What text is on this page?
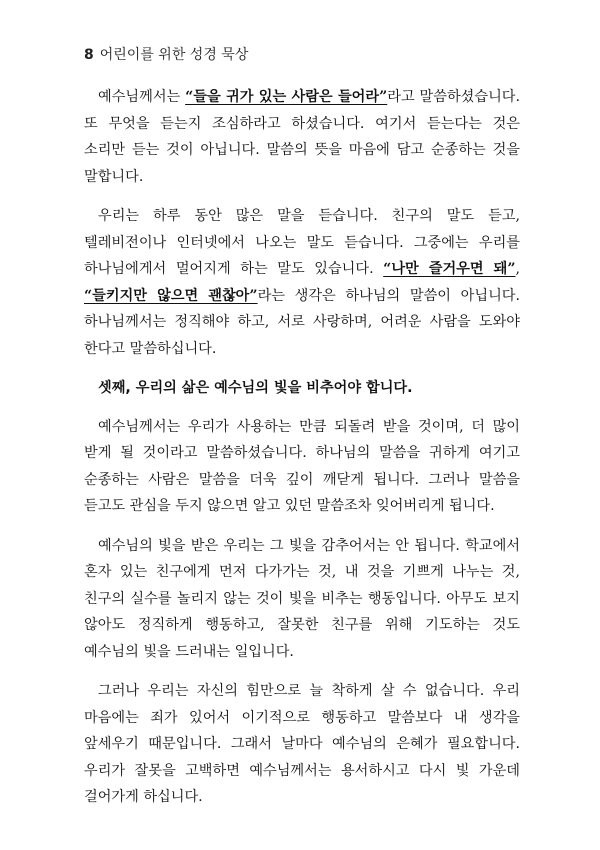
8 어린이를 위한 성경 묵상

예수님께서는 “들을 귀가 있는 사람은 들어라”라고 말씀하셨습니다. 또 무엇을 듣는지 조심하라고 하셨습니다. 여기서 듣는다는 것은 소리만 듣는 것이 아닙니다. 말씀의 뜻을 마음에 담고 순종하는 것을 말합니다.

우리는 하루 동안 많은 말을 듣습니다. 친구의 말도 듣고, 텔레비전이나 인터넷에서 나오는 말도 듣습니다. 그중에는 우리를 하나님에게서 멀어지게 하는 말도 있습니다. “나만 즐거우면 돼”, “들키지만 않으면 괜찮아”라는 생각은 하나님의 말씀이 아닙니다. 하나님께서는 정직해야 하고, 서로 사랑하며, 어려운 사람을 도와야 한다고 말씀하십니다.

셋째, 우리의 삶은 예수님의 빛을 비추어야 합니다.

예수님께서는 우리가 사용하는 만큼 되돌려 받을 것이며, 더 많이 받게 될 것이라고 말씀하셨습니다. 하나님의 말씀을 귀하게 여기고 순종하는 사람은 말씀을 더욱 깊이 깨닫게 됩니다. 그러나 말씀을 듣고도 관심을 두지 않으면 알고 있던 말씀조차 잊어버리게 됩니다.

예수님의 빛을 받은 우리는 그 빛을 감추어서는 안 됩니다. 학교에서 혼자 있는 친구에게 먼저 다가가는 것, 내 것을 기쁘게 나누는 것, 친구의 실수를 놀리지 않는 것이 빛을 비추는 행동입니다. 아무도 보지 않아도 정직하게 행동하고, 잘못한 친구를 위해 기도하는 것도 예수님의 빛을 드러내는 일입니다.

그러나 우리는 자신의 힘만으로 늘 착하게 살 수 없습니다. 우리 마음에는 죄가 있어서 이기적으로 행동하고 말씀보다 내 생각을 앞세우기 때문입니다. 그래서 날마다 예수님의 은혜가 필요합니다. 우리가 잘못을 고백하면 예수님께서는 용서하시고 다시 빛 가운데 걸어가게 하십니다.
